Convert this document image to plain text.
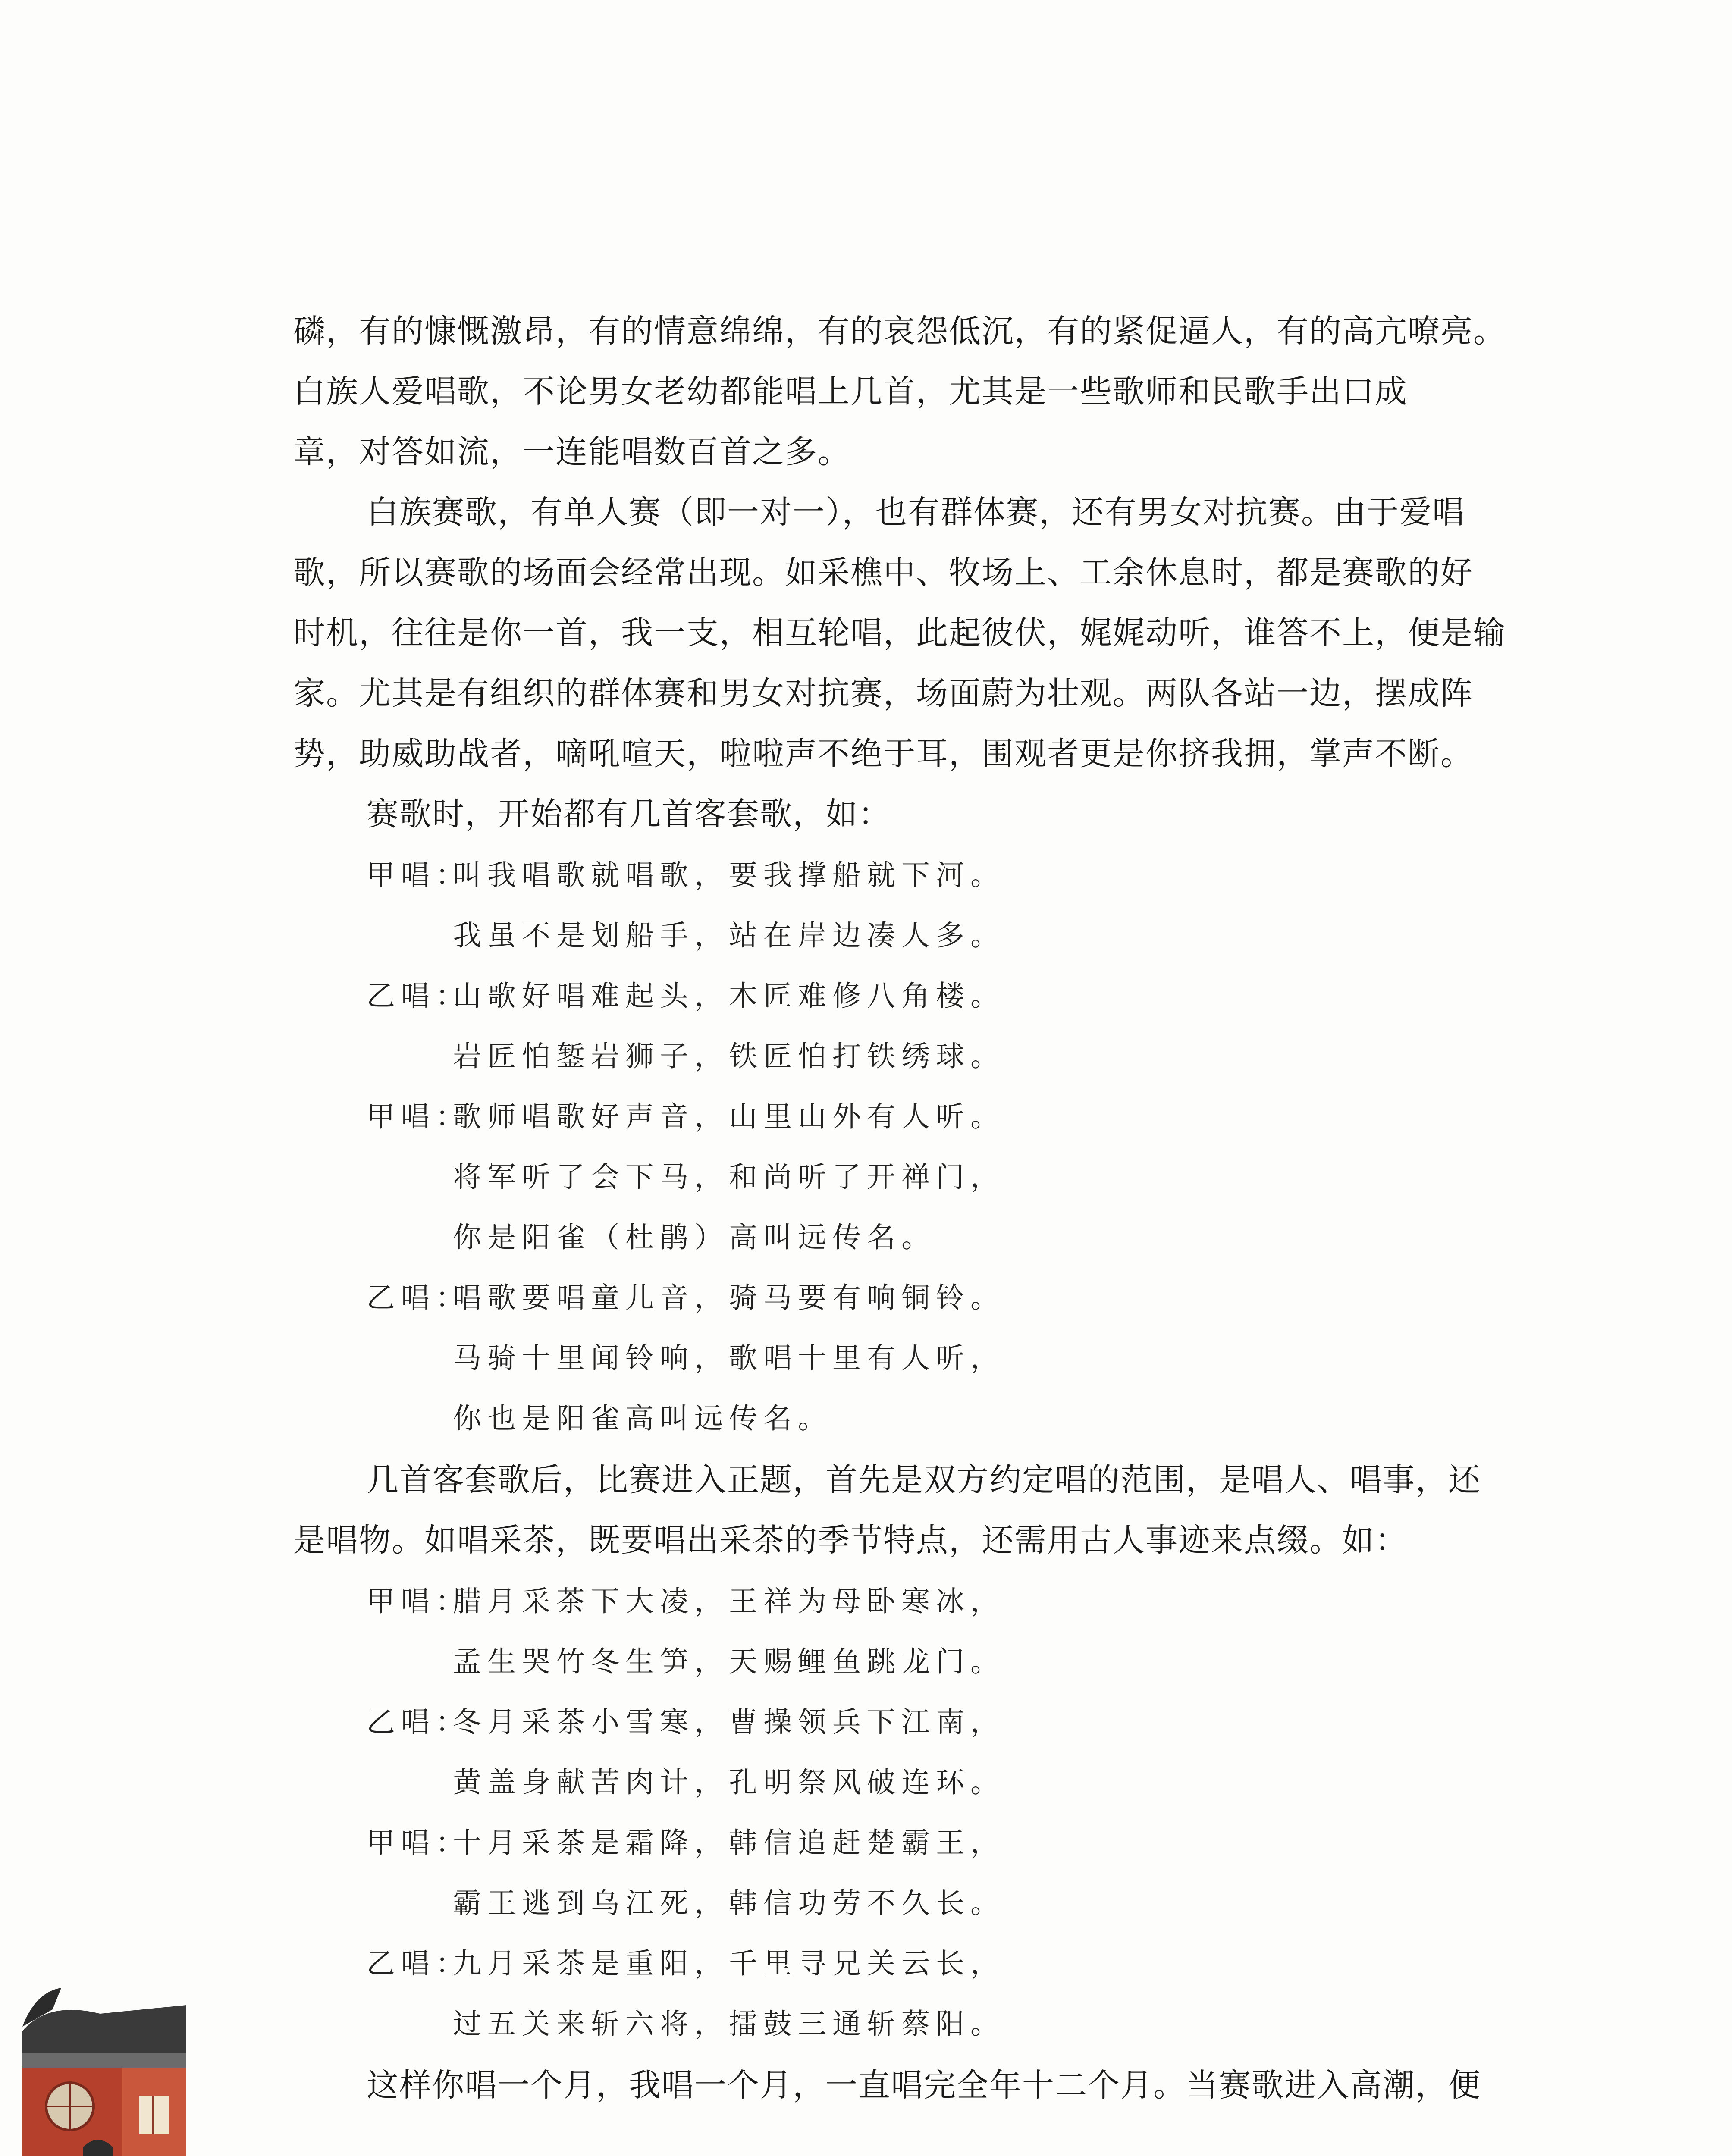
磷，有的慷慨激昂，有的情意绵绵，有的哀怨低沉，有的紧促逼人，有的高亢嘹亮。
白族人爱唱歌，不论男女老幼都能唱上几首，尤其是一些歌师和民歌手出口成
章，对答如流，一连能唱数百首之多。
白族赛歌，有单人赛（即一对一），也有群体赛，还有男女对抗赛。由于爱唱
歌，所以赛歌的场面会经常出现。如采樵中、牧场上、工余休息时，都是赛歌的好
时机，往往是你一首，我一支，相互轮唱，此起彼伏，娓娓动听，谁答不上，便是输
家。尤其是有组织的群体赛和男女对抗赛，场面蔚为壮观。两队各站一边，摆成阵
势，助威助战者，嘀吼喧天，啦啦声不绝于耳，围观者更是你挤我拥，掌声不断。
赛歌时，开始都有几首客套歌，如：
甲唱：
叫我唱歌就唱歌，要我撑船就下河。
我虽不是划船手，站在岸边凑人多。
乙唱：
山歌好唱难起头，木匠难修八角楼。
岩匠怕錾岩狮子，铁匠怕打铁绣球。
甲唱：
歌师唱歌好声音，山里山外有人听。
将军听了会下马，和尚听了开禅门，
你是阳雀（杜鹃）高叫远传名。
乙唱：
唱歌要唱童儿音，骑马要有响铜铃。
马骑十里闻铃响，歌唱十里有人听，
你也是阳雀高叫远传名。
几首客套歌后，比赛进入正题，首先是双方约定唱的范围，是唱人、唱事，还
是唱物。如唱采茶，既要唱出采茶的季节特点，还需用古人事迹来点缀。如：
甲唱：
腊月采茶下大凌，王祥为母卧寒冰，
孟生哭竹冬生笋，天赐鲤鱼跳龙门。
乙唱：
冬月采茶小雪寒，曹操领兵下江南，
黄盖身献苦肉计，孔明祭风破连环。
甲唱：
十月采茶是霜降，韩信追赶楚霸王，
霸王逃到乌江死，韩信功劳不久长。
乙唱：
九月采茶是重阳，千里寻兄关云长，
过五关来斩六将，擂鼓三通斩蔡阳。
这样你唱一个月，我唱一个月，一直唱完全年十二个月。当赛歌进入高潮，便
